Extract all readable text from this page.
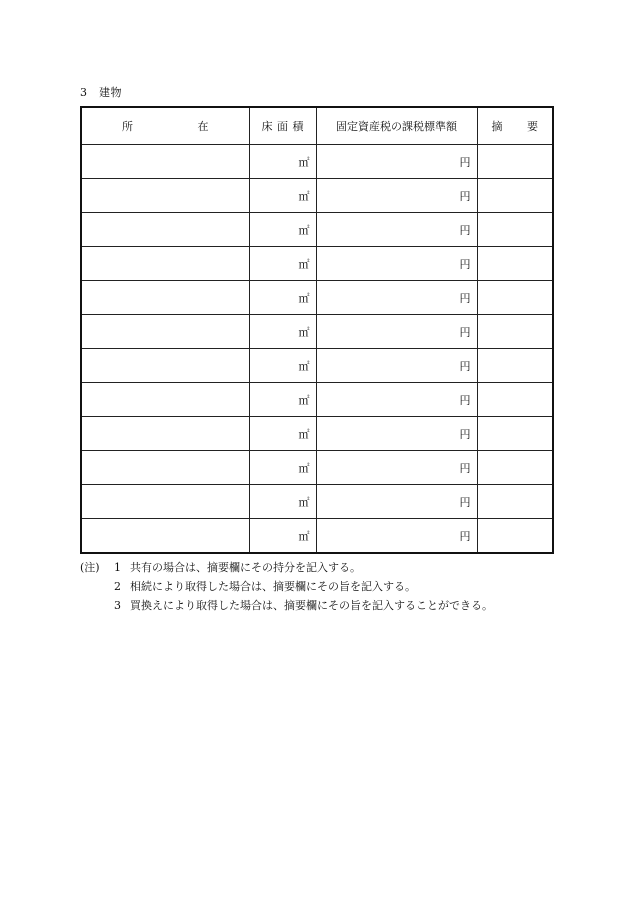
3　建物
所　　　　在	床 面 積	固定資産税の課税標準額	摘　　要
	㎡	円	
	㎡	円	
	㎡	円	
	㎡	円	
	㎡	円	
	㎡	円	
	㎡	円	
	㎡	円	
	㎡	円	
	㎡	円	
	㎡	円	
	㎡	円	
(注)	1 共有の場合は、摘要欄にその持分を記入する。
2 相続により取得した場合は、摘要欄にその旨を記入する。
3 買換えにより取得した場合は、摘要欄にその旨を記入することができる。
